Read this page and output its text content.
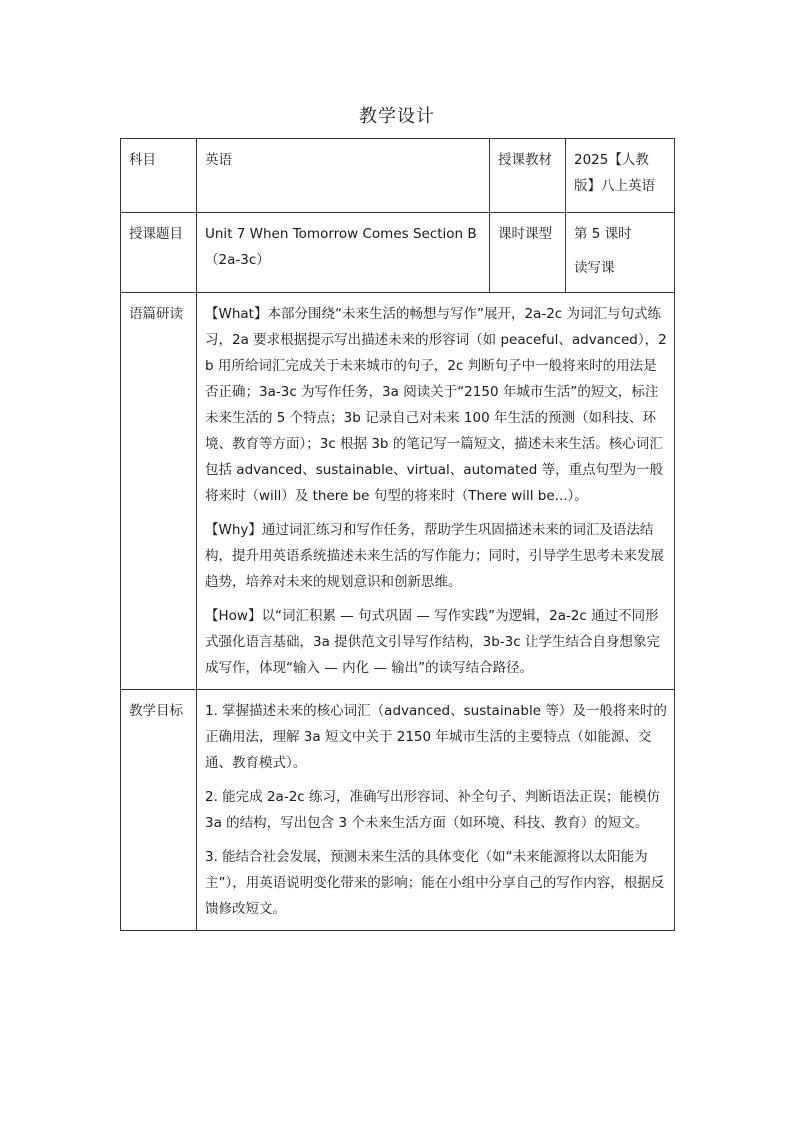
教学设计
科目	英语	授课教材	2025【人教版】八上英语
授课题目	Unit 7 When Tomorrow Comes Section B（2a-3c）	课时课型	第 5 课时
读写课

语篇研读	【What】本部分围绕“未来生活的畅想与写作”展开，2a-2c 为词汇与句式练习，2a 要求根据提示写出描述未来的形容词（如 peaceful、advanced），2b 用所给词汇完成关于未来城市的句子，2c 判断句子中一般将来时的用法是否正确；3a-3c 为写作任务，3a 阅读关于“2150 年城市生活”的短文，标注未来生活的 5 个特点；3b 记录自己对未来 100 年生活的预测（如科技、环境、教育等方面）；3c 根据 3b 的笔记写一篇短文，描述未来生活。核心词汇包括 advanced、sustainable、virtual、automated 等，重点句型为一般将来时（will）及 there be 句型的将来时（There will be...）。

【Why】通过词汇练习和写作任务，帮助学生巩固描述未来的词汇及语法结构，提升用英语系统描述未来生活的写作能力；同时，引导学生思考未来发展趋势，培养对未来的规划意识和创新思维。

【How】以“词汇积累 — 句式巩固 — 写作实践”为逻辑，2a-2c 通过不同形式强化语言基础，3a 提供范文引导写作结构，3b-3c 让学生结合自身想象完成写作，体现“输入 — 内化 — 输出”的读写结合路径。		

教学目标	1. 掌握描述未来的核心词汇（advanced、sustainable 等）及一般将来时的正确用法，理解 3a 短文中关于 2150 年城市生活的主要特点（如能源、交通、教育模式）。

2. 能完成 2a-2c 练习，准确写出形容词、补全句子、判断语法正误；能模仿 3a 的结构，写出包含 3 个未来生活方面（如环境、科技、教育）的短文。

3. 能结合社会发展，预测未来生活的具体变化（如“未来能源将以太阳能为主”），用英语说明变化带来的影响；能在小组中分享自己的写作内容，根据反馈修改短文。		
